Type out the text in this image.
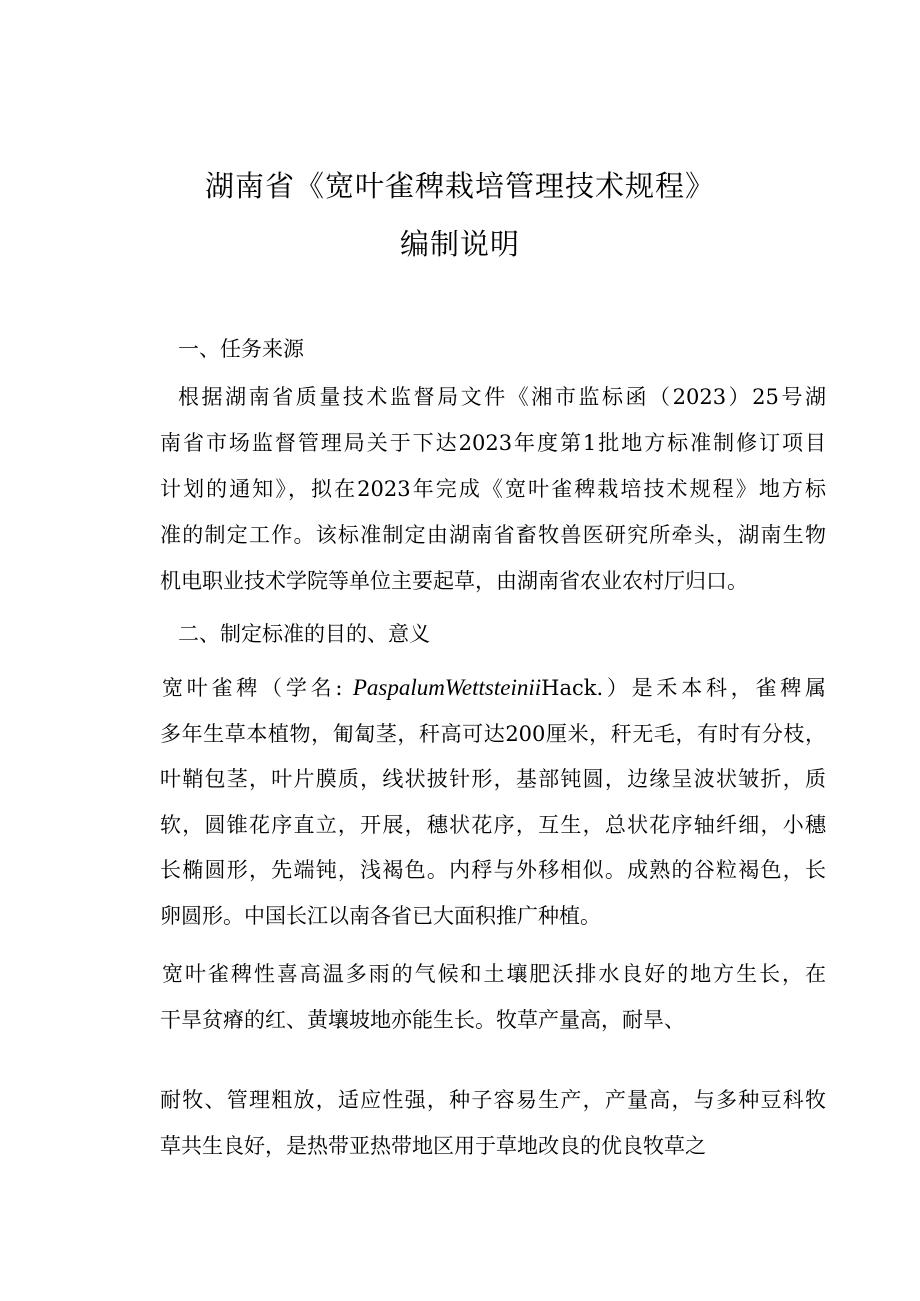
湖南省《宽叶雀稗栽培管理技术规程》
编制说明
一、任务来源
根据湖南省质量技术监督局文件《湘市监标函（2023）25号湖
南省市场监督管理局关于下达2023年度第1批地方标准制修订项目
计划的通知》，拟在2023年完成《宽叶雀稗栽培技术规程》地方标
准的制定工作。该标准制定由湖南省畜牧兽医研究所牵头，湖南生物
机电职业技术学院等单位主要起草，由湖南省农业农村厅归口。
二、制定标准的目的、意义
宽叶雀稗（学名: PaspalumWettsteiniiHack.）是禾本科，雀稗属
多年生草本植物，匍匐茎，秆高可达200厘米，秆无毛，有时有分枝，
叶鞘包茎，叶片膜质，线状披针形，基部钝圆，边缘呈波状皱折，质
软，圆锥花序直立，开展，穗状花序，互生，总状花序轴纤细，小穗
长椭圆形，先端钝，浅褐色。内稃与外移相似。成熟的谷粒褐色，长
卵圆形。中国长江以南各省已大面积推广种植。
宽叶雀稗性喜高温多雨的气候和土壤肥沃排水良好的地方生长，在
干旱贫瘠的红、黄壤坡地亦能生长。牧草产量高，耐旱、
耐牧、管理粗放，适应性强，种子容易生产，产量高，与多种豆科牧
草共生良好，是热带亚热带地区用于草地改良的优良牧草之
